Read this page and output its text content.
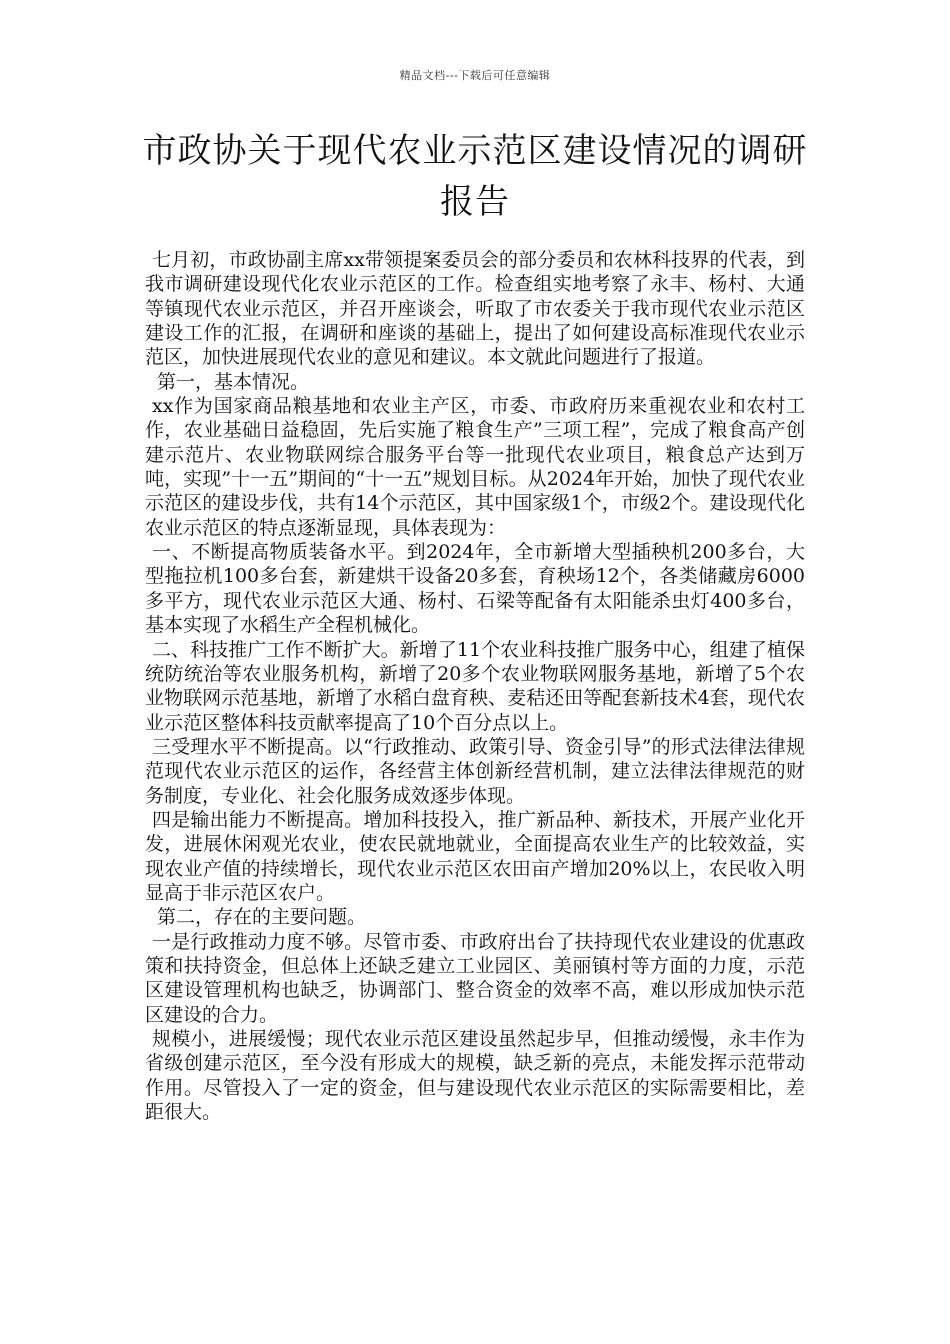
精品文档---下载后可任意编辑
市政协关于现代农业示范区建设情况的调研报告

七月初，市政协副主席xx带领提案委员会的部分委员和农林科技界的代表，到我市调研建设现代化农业示范区的工作。检查组实地考察了永丰、杨村、大通等镇现代农业示范区，并召开座谈会，听取了市农委关于我市现代农业示范区建设工作的汇报，在调研和座谈的基础上，提出了如何建设高标准现代农业示范区，加快进展现代农业的意见和建议。本文就此问题进行了报道。

第一，基本情况。

xx作为国家商品粮基地和农业主产区，市委、市政府历来重视农业和农村工作，农业基础日益稳固，先后实施了粮食生产”三项工程”，完成了粮食高产创建示范片、农业物联网综合服务平台等一批现代农业项目，粮食总产达到万吨，实现”十一五”期间的“十一五”规划目标。从2024年开始，加快了现代农业示范区的建设步伐，共有14个示范区，其中国家级1个，市级2个。建设现代化农业示范区的特点逐渐显现，具体表现为：

一、不断提高物质装备水平。到2024年，全市新增大型插秧机200多台，大型拖拉机100多台套，新建烘干设备20多套，育秧场12个，各类储藏房6000多平方，现代农业示范区大通、杨村、石梁等配备有太阳能杀虫灯400多台，基本实现了水稻生产全程机械化。

二、科技推广工作不断扩大。新增了11个农业科技推广服务中心，组建了植保统防统治等农业服务机构，新增了20多个农业物联网服务基地，新增了5个农业物联网示范基地，新增了水稻白盘育秧、麦秸还田等配套新技术4套，现代农业示范区整体科技贡献率提高了10个百分点以上。

三受理水平不断提高。以“行政推动、政策引导、资金引导”的形式法律法律规范现代农业示范区的运作，各经营主体创新经营机制，建立法律法律规范的财务制度，专业化、社会化服务成效逐步体现。

四是输出能力不断提高。增加科技投入，推广新品种、新技术，开展产业化开发，进展休闲观光农业，使农民就地就业，全面提高农业生产的比较效益，实现农业产值的持续增长，现代农业示范区农田亩产增加20%以上，农民收入明显高于非示范区农户。

第二，存在的主要问题。

一是行政推动力度不够。尽管市委、市政府出台了扶持现代农业建设的优惠政策和扶持资金，但总体上还缺乏建立工业园区、美丽镇村等方面的力度，示范区建设管理机构也缺乏，协调部门、整合资金的效率不高，难以形成加快示范区建设的合力。

规模小，进展缓慢；现代农业示范区建设虽然起步早，但推动缓慢，永丰作为省级创建示范区，至今没有形成大的规模，缺乏新的亮点，未能发挥示范带动作用。尽管投入了一定的资金，但与建设现代农业示范区的实际需要相比，差距很大。
